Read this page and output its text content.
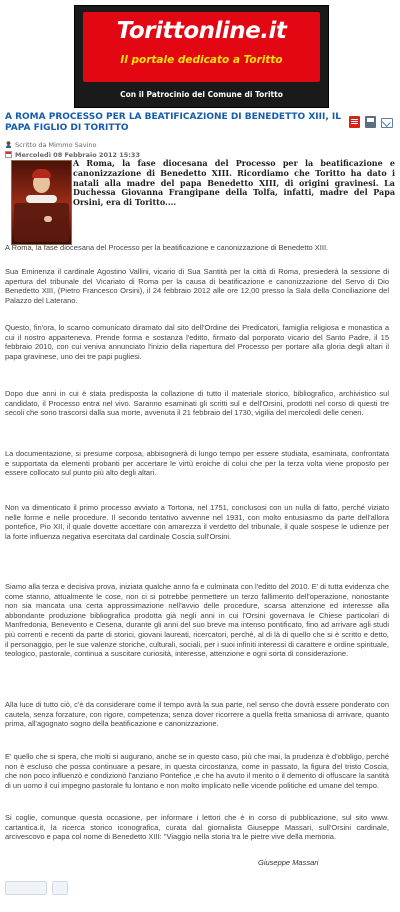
Torittonline.it
Il portale dedicato a Toritto
Con il Patrocinio del Comune di Toritto
A ROMA PROCESSO PER LA BEATIFICAZIONE DI BENEDETTO XIII, IL PAPA FIGLIO DI TORITTO
Scritto da Mimmo Savino
Mercoledì 08 Febbraio 2012 15:33
A Roma, la fase diocesana del Processo per la beatificazione e canonizzazione di Benedetto XIII. Ricordiamo che Toritto ha dato i natali alla madre del papa Benedetto XIII, di origini gravinesi. La Duchessa Giovanna Frangipane della Tolfa, infatti, madre del Papa Orsini, era di Toritto....

A Roma, la fase diocesana del Processo per la beatificazione e canonizzazione di Benedetto XIII.

Sua Eminenza il cardinale Agostino Vallini, vicario di Sua Santità per la città di Roma, presiederà la sessione di apertura del tribunale del Vicariato di Roma per la causa di beatificazione e canonizzazione del Servo di Dio Benedetto XIII, (Pietro Francesco Orsini), il 24 febbraio 2012 alle ore 12,00 presso la Sala della Conciliazione del Palazzo del Laterano.

Questo, fin'ora, lo scarno comunicato diramato dal sito dell'Ordine dei Predicatori, famiglia religiosa e monastica a cui il nostro apparteneva. Prende forma e sostanza l'editto, firmato dal porporato vicario del Santo Padre, il 15 febbraio 2010, con cui veniva annunciato l'inizio della riapertura del Processo per portare alla gloria degli altari il papa gravinese, uno dei tre papi pugliesi.

Dopo due anni in cui è stata predisposta la collazione di tutto il materiale storico, bibliografico, archivistico sul candidato, il Processo entra nel vivo. Saranno esaminati gli scritti sul e dell'Orsini, prodotti nel corso di questi tre secoli che sono trascorsi dalla sua morte, avvenuta il 21 febbraio del 1730, vigilia del mercoledì delle ceneri.

La documentazione, si presume corposa, abbisognerà di lungo tempo per essere studiata, esaminata, confrontata e supportata da elementi probanti per accertare le virtù eroiche di colui che per la terza volta viene proposto per essere collocato sul punto più alto degli altari.

Non va dimenticato il primo processo avviato a Tortona, nel 1751, conclusosi con un nulla di fatto, perché viziato nelle forme e nelle procedure. Il secondo tentativo avvenne nel 1931, con molto entusiasmo da parte dell'allora pontefice, Pio XII, il quale dovette accettare con amarezza il verdetto del tribunale, il quale sospese le udienze per la forte influenza negativa esercitata dal cardinale Coscia sull'Orsini.

Siamo alla terza e decisiva prova, iniziata qualche anno fa e culminata con l'editto del 2010. E' di tutta evidenza che come stanno, attualmente le cose, non ci si potrebbe permettere un terzo fallimento dell'operazione, nonostante non sia mancata una certa approssimazione nell'avvio delle procedure, scarsa attenzione ed interesse alla abbondante produzione bibliografica prodotta già negli anni in cui l'Orsini governava le Chiese particolari di Manfredonia, Benevento e Cesena, durante gli anni del suo breve ma intenso pontificato, fino ad arrivare agli studi più correnti e recenti da parte di storici, giovani laureati, ricercatori, perché, al di là di quello che si è scritto e detto, il personaggio, per le sue valenze storiche, culturali, sociali, per i suoi infiniti interessi di carattere e ordine spirituale, teologico, pastorale, continua a suscitare curiosità, interesse, attenzione e ogni sorta di considerazione.

Alla luce di tutto ciò, c'è da considerare come il tempo avrà la sua parte, nel senso che dovrà essere ponderato con cautela, senza forzature, con rigore, competenza; senza dover ricorrere a quella fretta smaniosa di arrivare, quanto prima, all'agognato sogno della beatificazione e canonizzazione.

E' quello che si spera, che molti si augurano, anche se in questo caso, più che mai, la prudenza è d'obbligo, perché non è escluso che possa continuare a pesare, in questa circostanza, come in passato, la figura del tristo Coscia, che non poco influenzò e condizionò l'anziano Pontefice ,e che ha avuto il merito o il demerito di offuscare la santità di un uomo il cui impegno pastorale fu lontano e non molto implicato nelle vicende politiche ed umane del tempo.

Si coglie, comunque questa occasione, per informare i lettori che è in corso di pubblicazione, sul sito www. cartantica.it, la ricerca storico iconografica, curata dal giornalista Giuseppe Massari, sull'Orsini cardinale, arcivescovo e papa col nome di Benedetto XIII: "Viaggio nella storia tra le pietre vive della memoria.

Giuseppe Massari
